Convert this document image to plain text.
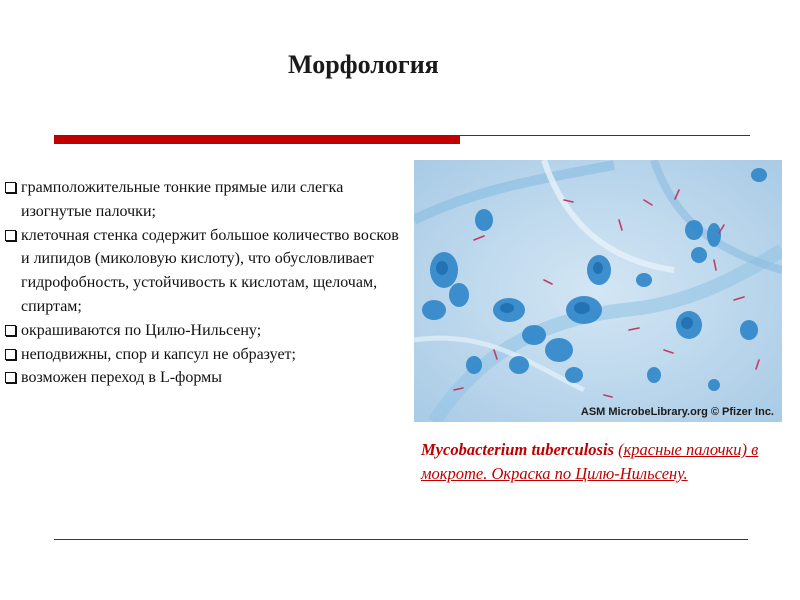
Морфология
грамположительные тонкие прямые или слегка изогнутые палочки;
клеточная стенка содержит большое количество восков и липидов (миколовую кислоту), что обусловливает гидрофобность, устойчивость к кислотам, щелочам, спиртам;
окрашиваются по Цилю-Нильсену;
неподвижны, спор и капсул не образует;
возможен переход в L-формы
ASM MicrobeLibrary.org © Pfizer Inc.
Mycobacterium tuberculosis (красные палочки) в мокроте. Окраска по Цилю-Нильсену.
